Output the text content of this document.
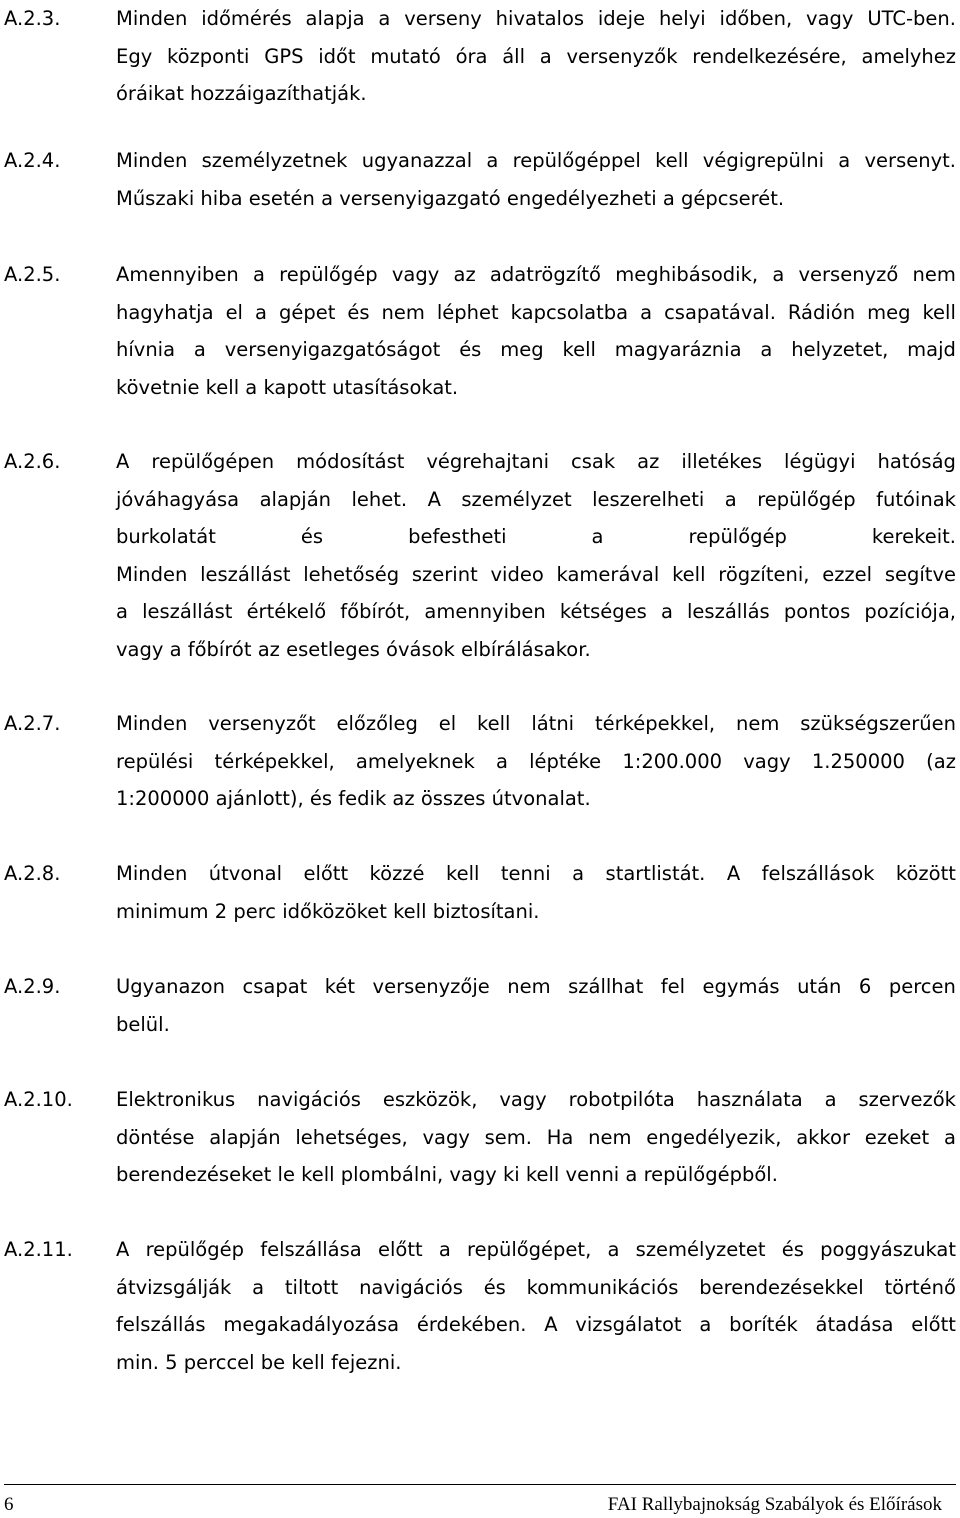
A.2.3.	Minden időmérés alapja a verseny hivatalos ideje helyi időben, vagy UTC-ben.
Egy központi GPS időt mutató óra áll a versenyzők rendelkezésére, amelyhez
óráikat hozzáigazíthatják.
A.2.4.	Minden személyzetnek ugyanazzal a repülőgéppel kell végigrepülni a versenyt.
Műszaki hiba esetén a versenyigazgató engedélyezheti a gépcserét.
A.2.5.	Amennyiben a repülőgép vagy az adatrögzítő meghibásodik, a versenyző nem
hagyhatja el a gépet és nem léphet kapcsolatba a csapatával. Rádión meg kell
hívnia a versenyigazgatóságot és meg kell magyaráznia a helyzetet, majd
követnie kell a kapott utasításokat.
A.2.6.	A repülőgépen módosítást végrehajtani csak az illetékes légügyi hatóság
jóváhagyása alapján lehet. A személyzet leszerelheti a repülőgép futóinak
burkolatát	és	befestheti	a	repülőgép	kerekeit.
Minden leszállást lehetőség szerint video kamerával kell rögzíteni, ezzel segítve
a leszállást értékelő főbírót, amennyiben kétséges a leszállás pontos pozíciója,
vagy a főbírót az esetleges óvások elbírálásakor.
A.2.7.	Minden versenyzőt előzőleg el kell látni térképekkel, nem szükségszerűen
repülési térképekkel, amelyeknek a léptéke 1:200.000 vagy 1.250000 (az
1:200000 ajánlott), és fedik az összes útvonalat.
A.2.8.	Minden útvonal előtt közzé kell tenni a startlistát. A felszállások között
minimum 2 perc időközöket kell biztosítani.
A.2.9.	Ugyanazon csapat két versenyzője nem szállhat fel egymás után 6 percen
belül.
A.2.10. Elektronikus navigációs eszközök, vagy robotpilóta használata a szervezők
döntése alapján lehetséges, vagy sem. Ha nem engedélyezik, akkor ezeket a
berendezéseket le kell plombálni, vagy ki kell venni a repülőgépből.
A.2.11. A repülőgép felszállása előtt a repülőgépet, a személyzetet és poggyászukat
átvizsgálják a tiltott navigációs és kommunikációs berendezésekkel történő
felszállás megakadályozása érdekében. A vizsgálatot a boríték átadása előtt
min. 5 perccel be kell fejezni.
6	FAI Rallybajnokság Szabályok és Előírások
